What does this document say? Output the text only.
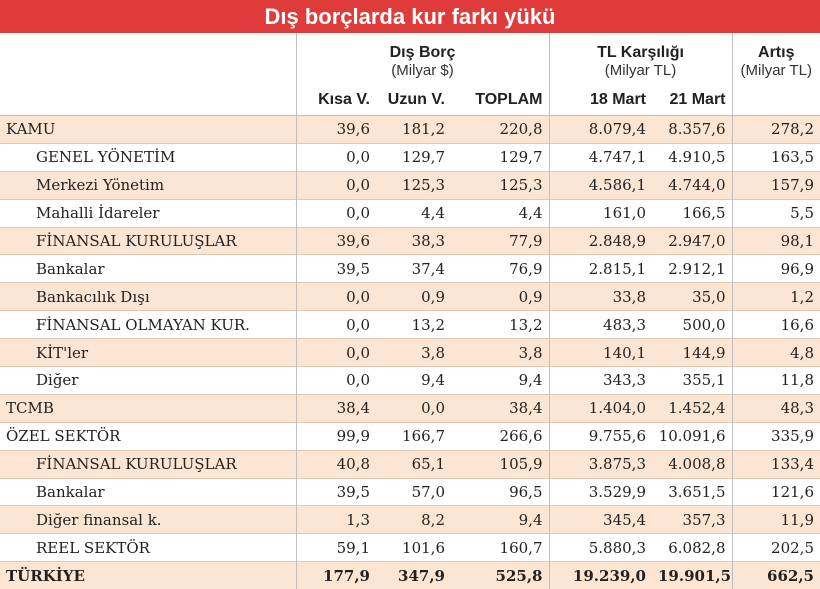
Dış borçlarda kur farkı yükü
	Dış Borç			TL Karşılığı		Artış
	(Milyar $)			(Milyar TL)		(Milyar TL)
	Kısa V.	Uzun V.	TOPLAM	18 Mart	21 Mart	
KAMU	39,6	181,2	220,8	8.079,4	8.357,6	278,2
GENEL YÖNETİM	0,0	129,7	129,7	4.747,1	4.910,5	163,5
Merkezi Yönetim	0,0	125,3	125,3	4.586,1	4.744,0	157,9
Mahalli İdareler	0,0	4,4	4,4	161,0	166,5	5,5
FİNANSAL KURULUŞLAR	39,6	38,3	77,9	2.848,9	2.947,0	98,1
Bankalar	39,5	37,4	76,9	2.815,1	2.912,1	96,9
Bankacılık Dışı	0,0	0,9	0,9	33,8	35,0	1,2
FİNANSAL OLMAYAN KUR.	0,0	13,2	13,2	483,3	500,0	16,6
KİT'ler	0,0	3,8	3,8	140,1	144,9	4,8
Diğer	0,0	9,4	9,4	343,3	355,1	11,8
TCMB	38,4	0,0	38,4	1.404,0	1.452,4	48,3
ÖZEL SEKTÖR	99,9	166,7	266,6	9.755,6	10.091,6	335,9
FİNANSAL KURULUŞLAR	40,8	65,1	105,9	3.875,3	4.008,8	133,4
Bankalar	39,5	57,0	96,5	3.529,9	3.651,5	121,6
Diğer finansal k.	1,3	8,2	9,4	345,4	357,3	11,9
REEL SEKTÖR	59,1	101,6	160,7	5.880,3	6.082,8	202,5
TÜRKİYE	177,9	347,9	525,8	19.239,0	19.901,5	662,5
